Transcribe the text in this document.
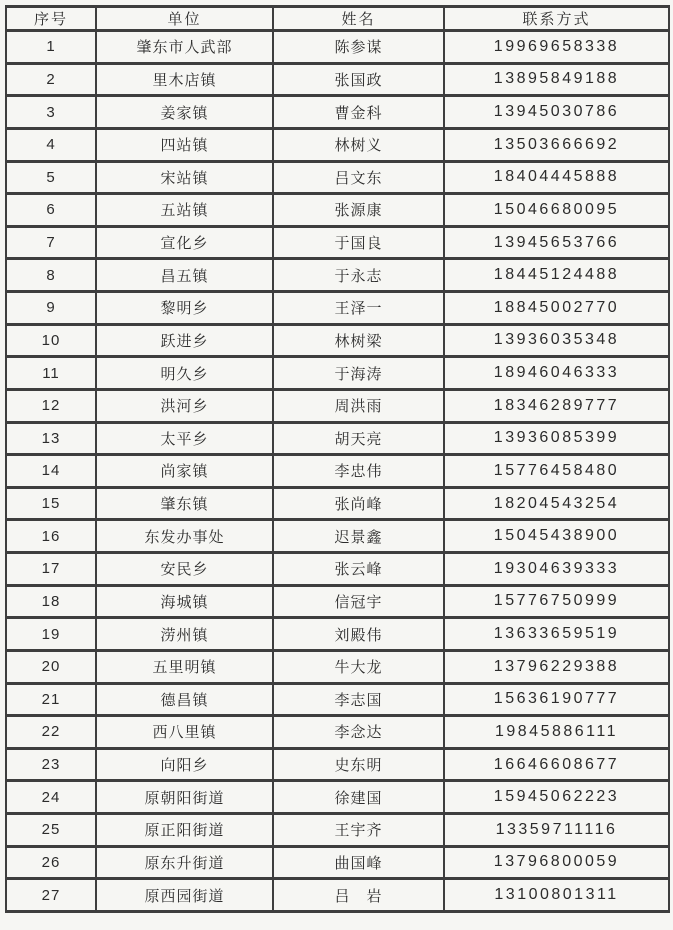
序号	单位	姓名	联系方式
1	肇东市人武部	陈参谋	19969658338
2	里木店镇	张国政	13895849188
3	姜家镇	曹金科	13945030786
4	四站镇	林树义	13503666692
5	宋站镇	吕文东	18404445888
6	五站镇	张源康	15046680095
7	宣化乡	于国良	13945653766
8	昌五镇	于永志	18445124488
9	黎明乡	王泽一	18845002770
10	跃进乡	林树梁	13936035348
11	明久乡	于海涛	18946046333
12	洪河乡	周洪雨	18346289777
13	太平乡	胡天亮	13936085399
14	尚家镇	李忠伟	15776458480
15	肇东镇	张尚峰	18204543254
16	东发办事处	迟景鑫	15045438900
17	安民乡	张云峰	19304639333
18	海城镇	信冠宇	15776750999
19	涝州镇	刘殿伟	13633659519
20	五里明镇	牛大龙	13796229388
21	德昌镇	李志国	15636190777
22	西八里镇	李念达	19845886111
23	向阳乡	史东明	16646608677
24	原朝阳街道	徐建国	15945062223
25	原正阳街道	王宇齐	13359711116
26	原东升街道	曲国峰	13796800059
27	原西园街道	吕　岩	13100801311
